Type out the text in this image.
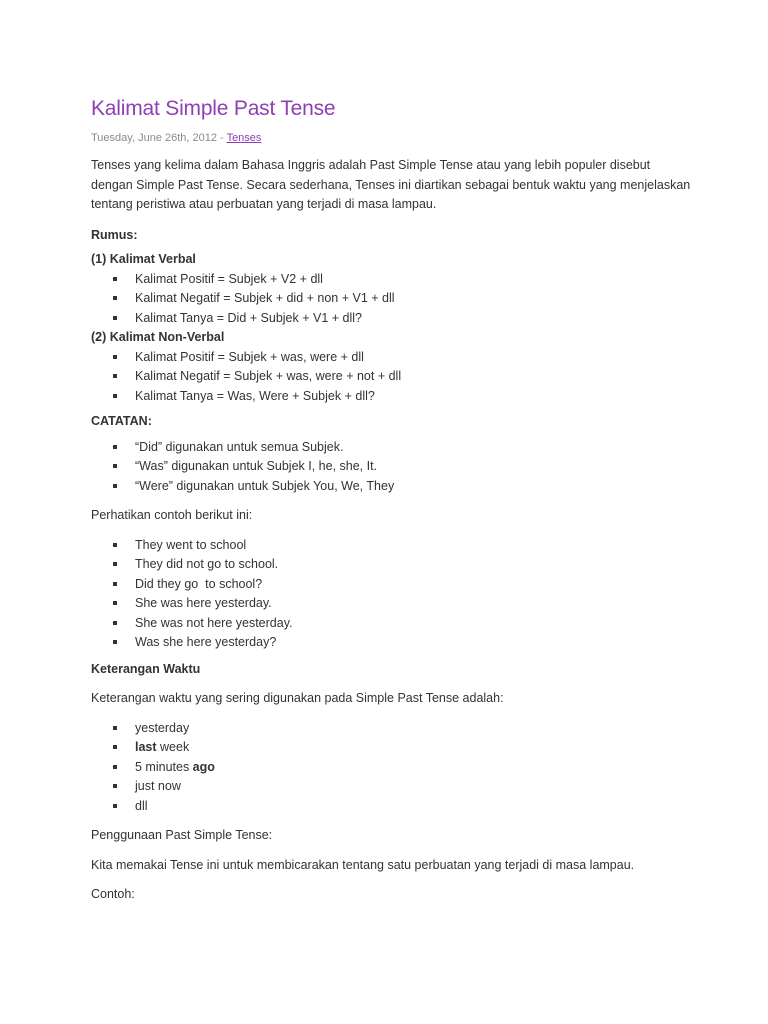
Kalimat Simple Past Tense
Tuesday, June 26th, 2012 - Tenses

Tenses yang kelima dalam Bahasa Inggris adalah Past Simple Tense atau yang lebih populer disebut dengan Simple Past Tense. Secara sederhana, Tenses ini diartikan sebagai bentuk waktu yang menjelaskan tentang peristiwa atau perbuatan yang terjadi di masa lampau.

Rumus:

(1) Kalimat Verbal

Kalimat Positif = Subjek + V2 + dll
Kalimat Negatif = Subjek + did + non + V1 + dll
Kalimat Tanya = Did + Subjek + V1 + dll?

(2) Kalimat Non-Verbal

Kalimat Positif = Subjek + was, were + dll
Kalimat Negatif = Subjek + was, were + not + dll
Kalimat Tanya = Was, Were + Subjek + dll?

CATATAN:

“Did” digunakan untuk semua Subjek.
“Was” digunakan untuk Subjek I, he, she, It.
“Were” digunakan untuk Subjek You, We, They

Perhatikan contoh berikut ini:

They went to school
They did not go to school.
Did they go  to school?
She was here yesterday.
She was not here yesterday.
Was she here yesterday?

Keterangan Waktu

Keterangan waktu yang sering digunakan pada Simple Past Tense adalah:

yesterday
last week
5 minutes ago
just now
dll

Penggunaan Past Simple Tense:

Kita memakai Tense ini untuk membicarakan tentang satu perbuatan yang terjadi di masa lampau.

Contoh:
